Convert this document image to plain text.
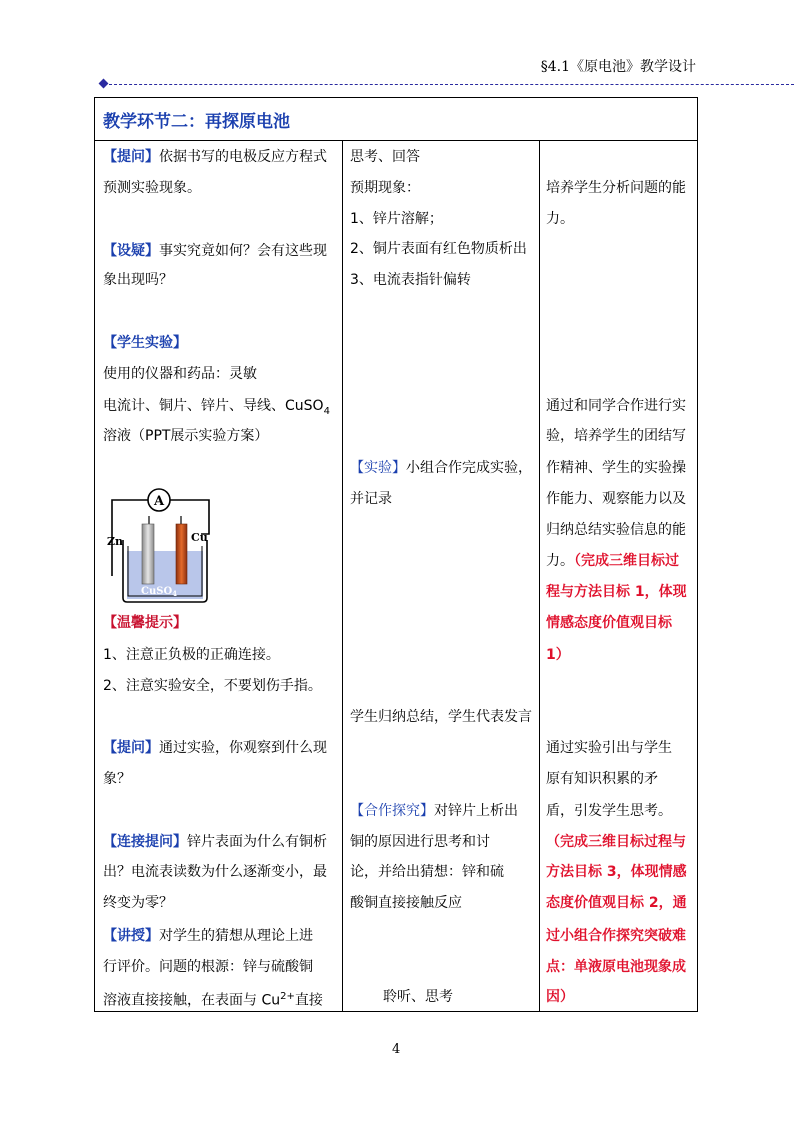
§4.1《原电池》教学设计
教学环节二：再探原电池
【提问】依据书写的电极反应方程式
预测实验现象。
【设疑】事实究竟如何？会有这些现
象出现吗？
【学生实验】
使用的仪器和药品：灵敏
电流计、铜片、锌片、导线、CuSO$_4$
溶液（PPT展示实验方案）
A
Zn	Cu
CuSO$_4$
【温馨提示】
1、注意正负极的正确连接。
2、注意实验安全，不要划伤手指。
【提问】通过实验，你观察到什么现
象？
【连接提问】锌片表面为什么有铜析
出？电流表读数为什么逐渐变小，最
终变为零？
【讲授】对学生的猜想从理论上进
行评价。问题的根源：锌与硫酸铜
溶液直接接触，在表面与 $Cu^{2+}$直接
思考、回答
预期现象：
1、锌片溶解；
2、铜片表面有红色物质析出
3、电流表指针偏转
【实验】小组合作完成实验，
并记录
学生归纳总结，学生代表发言
【合作探究】对锌片上析出
铜的原因进行思考和讨
论，并给出猜想：锌和硫
酸铜直接接触反应
聆听、思考
培养学生分析问题的能
力。
通过和同学合作进行实
验，培养学生的团结写
作精神、学生的实验操
作能力、观察能力以及
归纳总结实验信息的能
力。（完成三维目标过
程与方法目标 1，体现
情感态度价值观目标
1）
通过实验引出与学生
原有知识积累的矛
盾，引发学生思考。
（完成三维目标过程与
方法目标 3，体现情感
态度价值观目标 2，通
过小组合作探究突破难
点：单液原电池现象成
因）
4
